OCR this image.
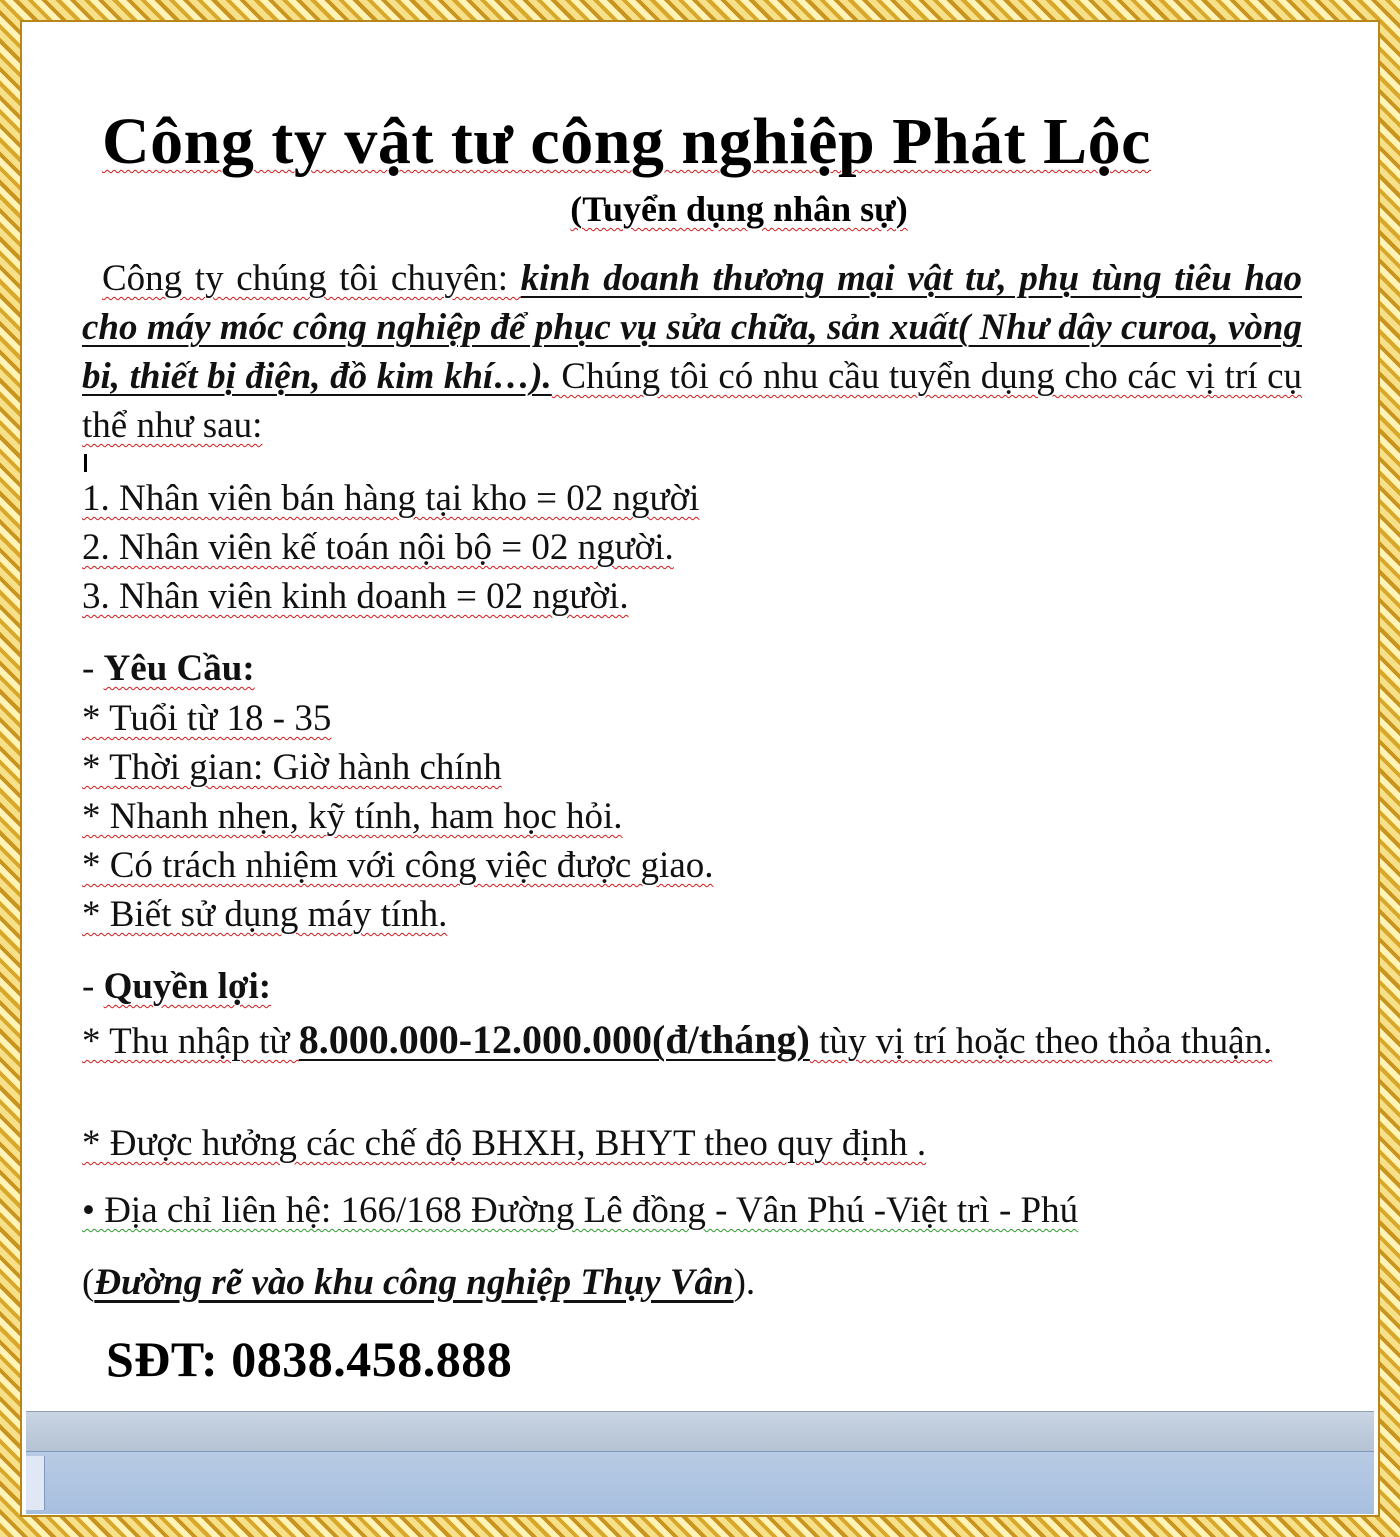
Công ty vật tư công nghiệp Phát Lộc
(Tuyển dụng nhân sự)
Công ty chúng tôi chuyên: kinh doanh thương mại vật tư, phụ tùng tiêu hao cho máy móc công nghiệp để phục vụ sửa chữa, sản xuất( Như dây curoa, vòng bi, thiết bị điện, đồ kim khí…). Chúng tôi có nhu cầu tuyển dụng cho các vị trí cụ thể như sau:
1. Nhân viên bán hàng tại kho = 02 người
2. Nhân viên kế toán nội bộ = 02 người.
3. Nhân viên kinh doanh = 02 người.
- Yêu Cầu:
* Tuổi từ 18 - 35
* Thời gian: Giờ hành chính
* Nhanh nhẹn, kỹ tính, ham học hỏi.
* Có trách nhiệm với công việc được giao.
* Biết sử dụng máy tính.
- Quyền lợi:
* Thu nhập từ 8.000.000-12.000.000(đ/tháng) tùy vị trí hoặc theo thỏa thuận.
* Được hưởng các chế độ BHXH, BHYT theo quy định .
• Địa chỉ liên hệ: 166/168 Đường Lê đồng - Vân Phú -Việt trì - Phú
(Đường rẽ vào khu công nghiệp Thụy Vân).
SĐT: 0838.458.888
